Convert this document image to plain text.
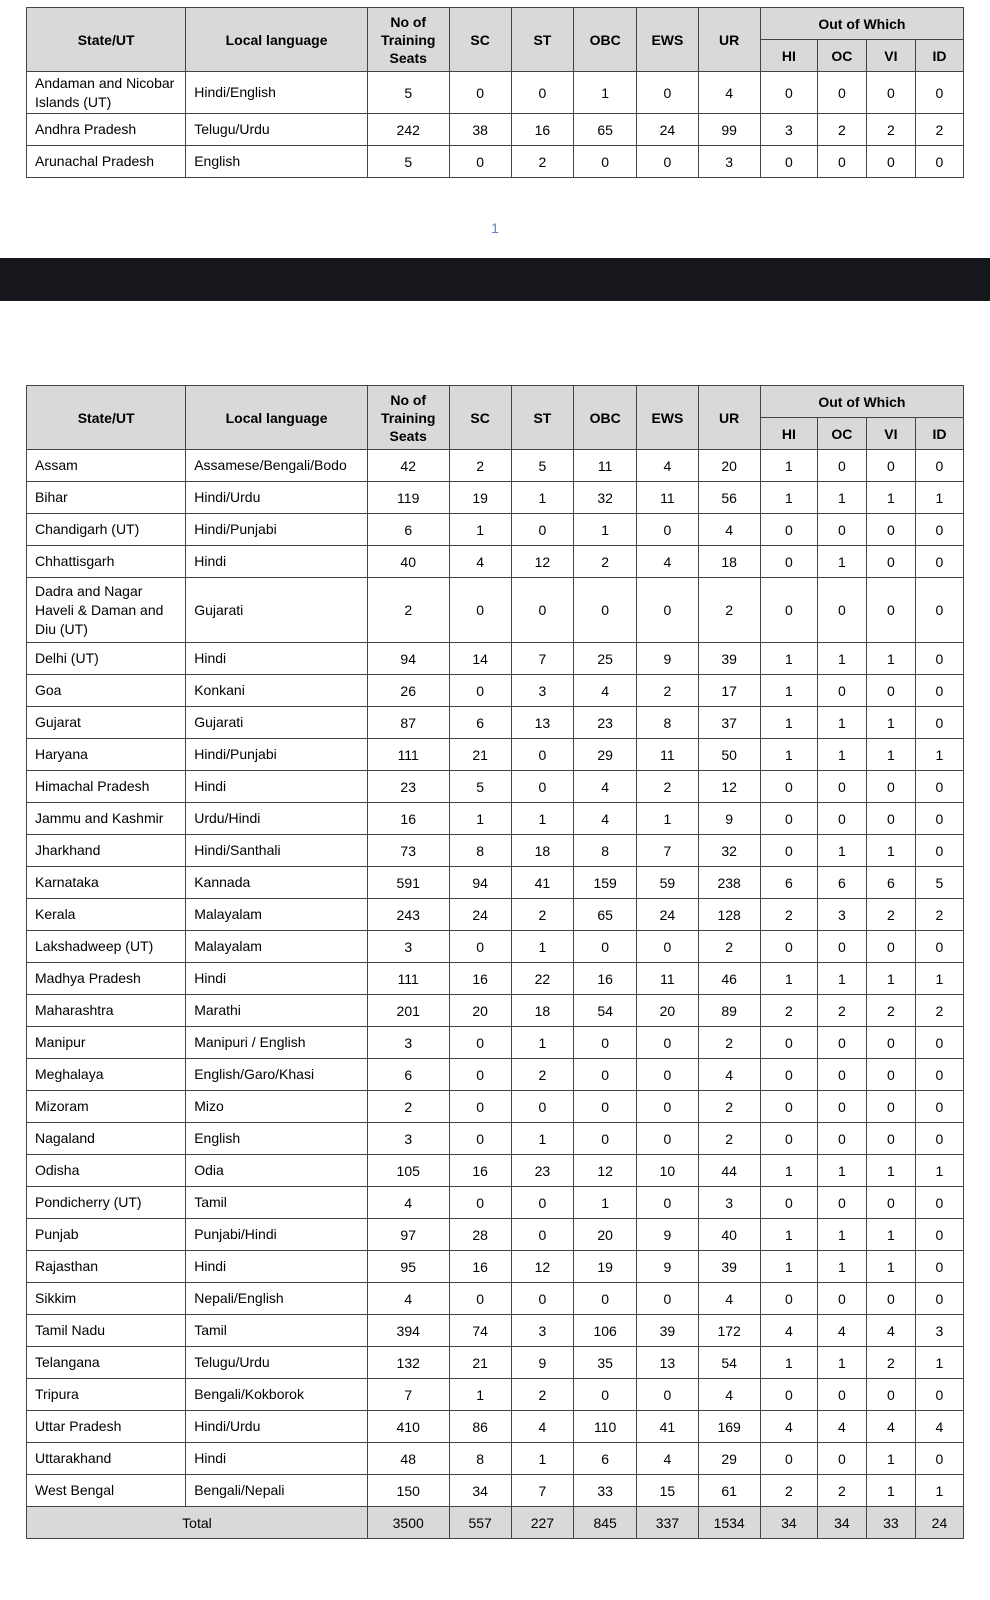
State/UT	Local language	No of Training Seats	SC	ST	OBC	EWS	UR	Out of Which			
								HI	OC	VI	ID
Andaman and Nicobar Islands (UT)	Hindi/English	5	0	0	1	0	4	0	0	0	0
Andhra Pradesh	Telugu/Urdu	242	38	16	65	24	99	3	2	2	2
Arunachal Pradesh	English	5	0	2	0	0	3	0	0	0	0
1
State/UT	Local language	No of Training Seats	SC	ST	OBC	EWS	UR	Out of Which			
								HI	OC	VI	ID
Assam	Assamese/Bengali/Bodo	42	2	5	11	4	20	1	0	0	0
Bihar	Hindi/Urdu	119	19	1	32	11	56	1	1	1	1
Chandigarh (UT)	Hindi/Punjabi	6	1	0	1	0	4	0	0	0	0
Chhattisgarh	Hindi	40	4	12	2	4	18	0	1	0	0
Dadra and Nagar Haveli & Daman and Diu (UT)	Gujarati	2	0	0	0	0	2	0	0	0	0
Delhi (UT)	Hindi	94	14	7	25	9	39	1	1	1	0
Goa	Konkani	26	0	3	4	2	17	1	0	0	0
Gujarat	Gujarati	87	6	13	23	8	37	1	1	1	0
Haryana	Hindi/Punjabi	111	21	0	29	11	50	1	1	1	1
Himachal Pradesh	Hindi	23	5	0	4	2	12	0	0	0	0
Jammu and Kashmir	Urdu/Hindi	16	1	1	4	1	9	0	0	0	0
Jharkhand	Hindi/Santhali	73	8	18	8	7	32	0	1	1	0
Karnataka	Kannada	591	94	41	159	59	238	6	6	6	5
Kerala	Malayalam	243	24	2	65	24	128	2	3	2	2
Lakshadweep (UT)	Malayalam	3	0	1	0	0	2	0	0	0	0
Madhya Pradesh	Hindi	111	16	22	16	11	46	1	1	1	1
Maharashtra	Marathi	201	20	18	54	20	89	2	2	2	2
Manipur	Manipuri / English	3	0	1	0	0	2	0	0	0	0
Meghalaya	English/Garo/Khasi	6	0	2	0	0	4	0	0	0	0
Mizoram	Mizo	2	0	0	0	0	2	0	0	0	0
Nagaland	English	3	0	1	0	0	2	0	0	0	0
Odisha	Odia	105	16	23	12	10	44	1	1	1	1
Pondicherry (UT)	Tamil	4	0	0	1	0	3	0	0	0	0
Punjab	Punjabi/Hindi	97	28	0	20	9	40	1	1	1	0
Rajasthan	Hindi	95	16	12	19	9	39	1	1	1	0
Sikkim	Nepali/English	4	0	0	0	0	4	0	0	0	0
Tamil Nadu	Tamil	394	74	3	106	39	172	4	4	4	3
Telangana	Telugu/Urdu	132	21	9	35	13	54	1	1	2	1
Tripura	Bengali/Kokborok	7	1	2	0	0	4	0	0	0	0
Uttar Pradesh	Hindi/Urdu	410	86	4	110	41	169	4	4	4	4
Uttarakhand	Hindi	48	8	1	6	4	29	0	0	1	0
West Bengal	Bengali/Nepali	150	34	7	33	15	61	2	2	1	1
Total		3500	557	227	845	337	1534	34	34	33	24
